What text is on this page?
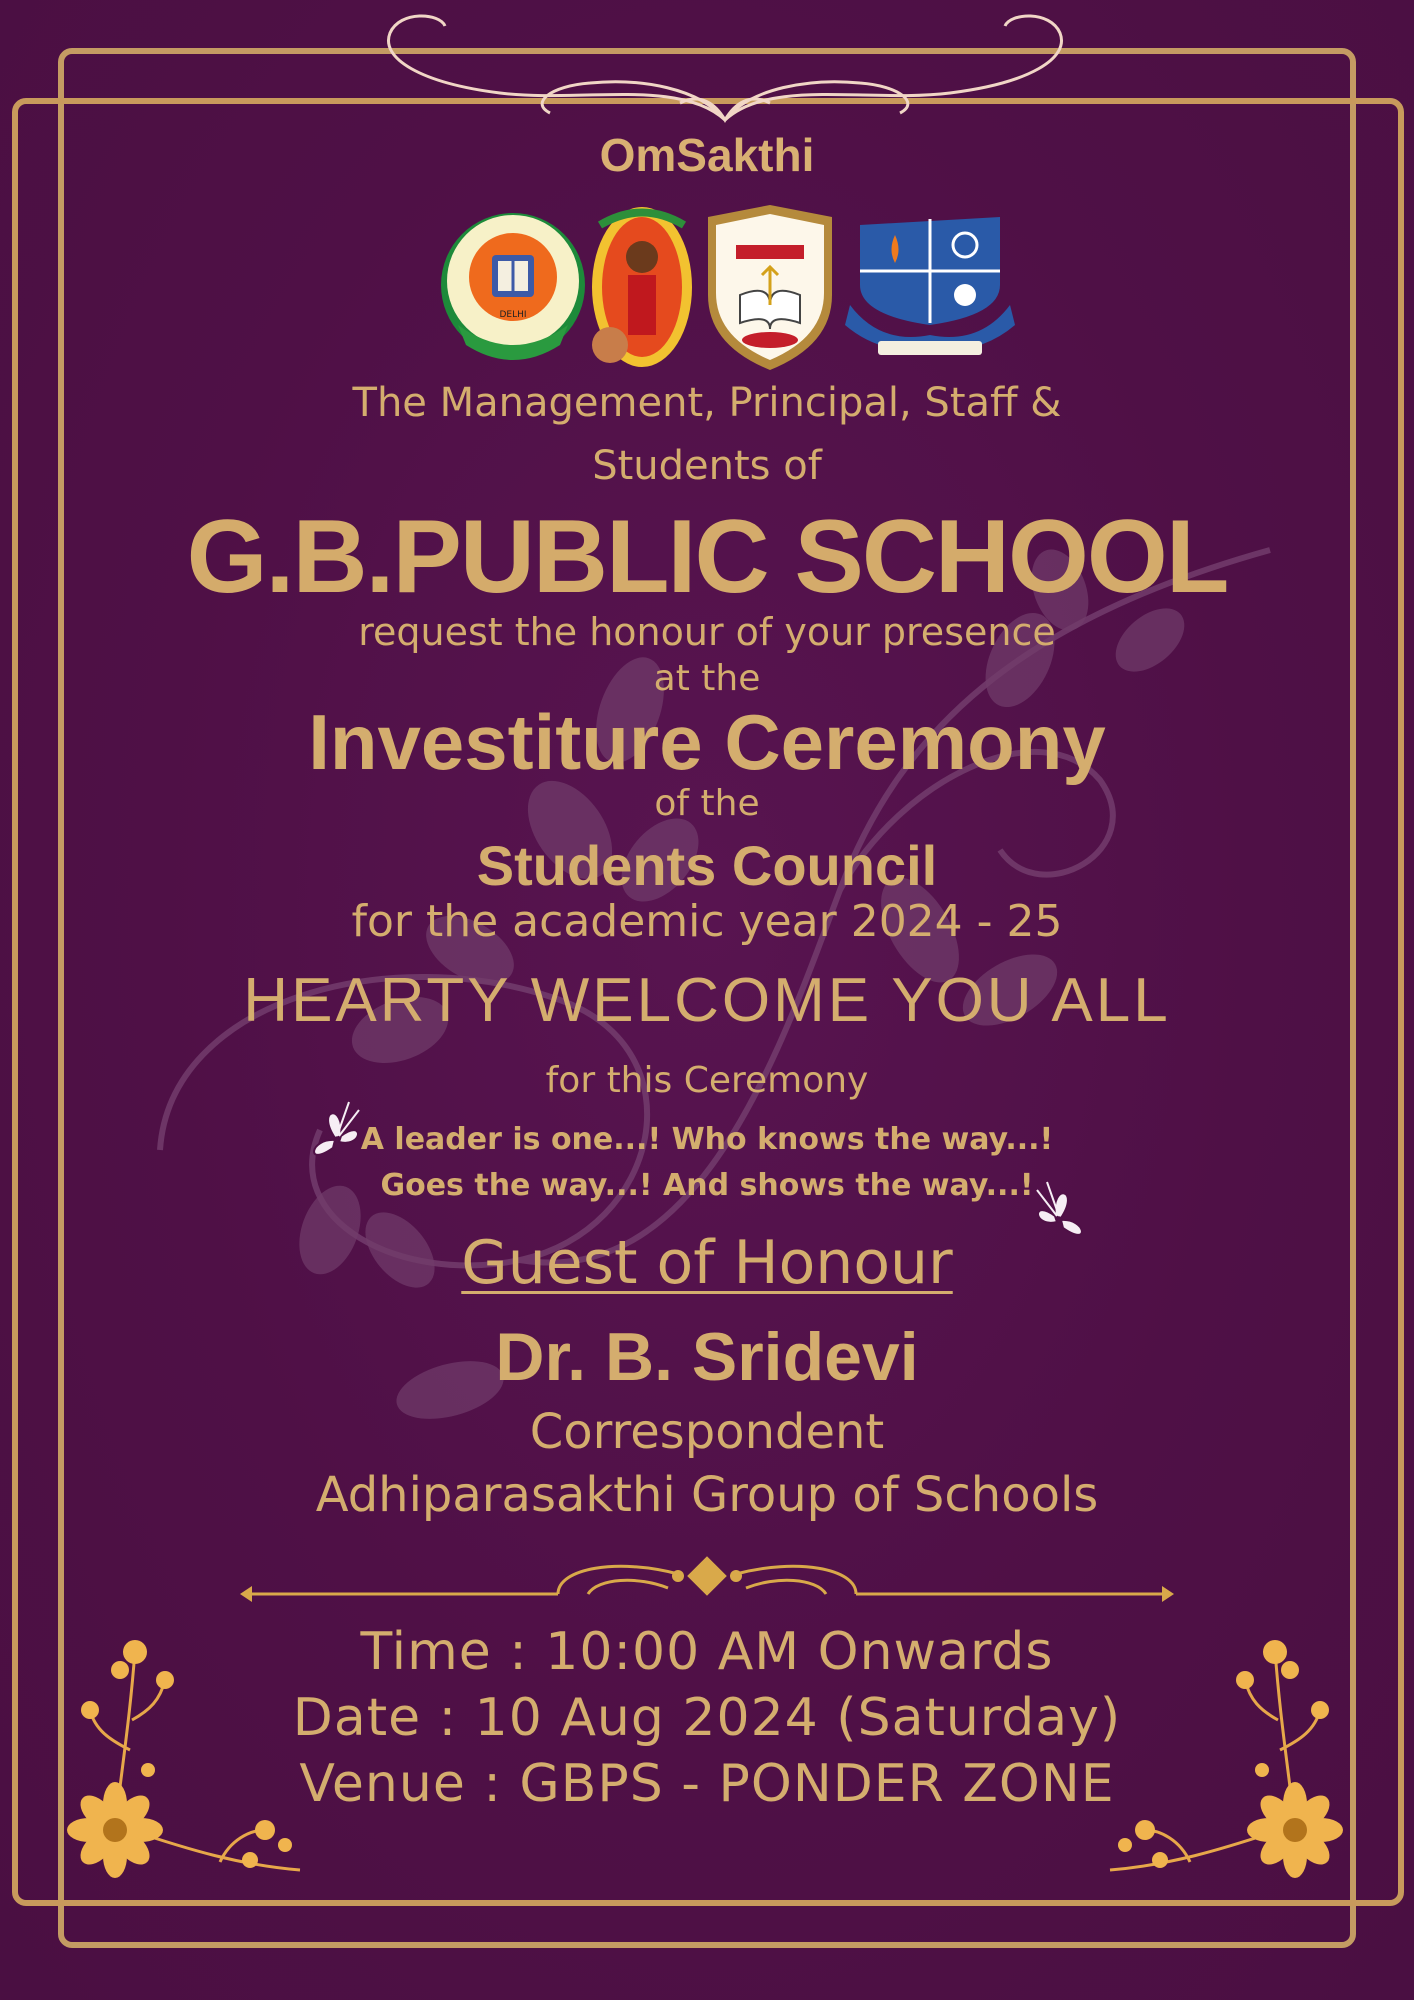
OmSakthi
DELHI
The Management, Principal, Staff &
Students of
G.B.PUBLIC SCHOOL
request the honour of your presence
at the
Investiture Ceremony
of the
Students Council
for the academic year 2024 - 25
HEARTY WELCOME YOU ALL
for this Ceremony
A leader is one...! Who knows the way...!
Goes the way...! And shows the way...!
Guest of Honour
Dr. B. Sridevi
Correspondent
Adhiparasakthi Group of Schools
Time : 10:00 AM Onwards
Date : 10 Aug 2024 (Saturday)
Venue : GBPS - PONDER ZONE
